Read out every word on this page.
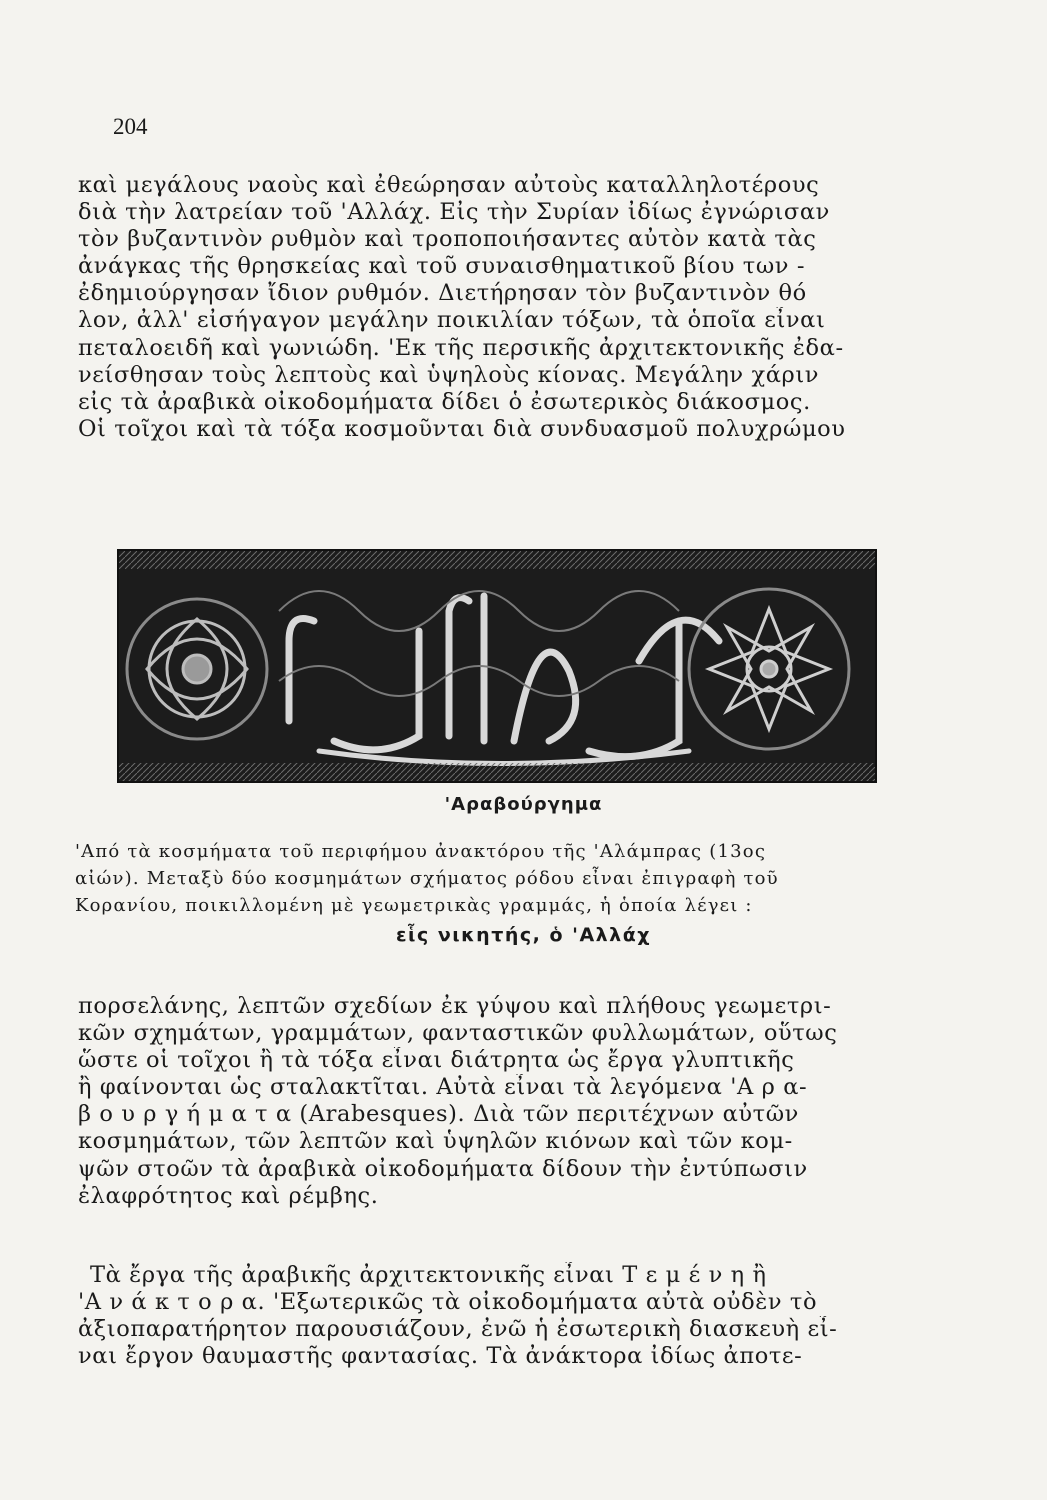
204
καὶ μεγάλους ναοὺς καὶ ἐθεώρησαν αὐτοὺς καταλληλοτέρους
διὰ τὴν λατρείαν τοῦ 'Αλλάχ. Εἰς τὴν Συρίαν ἰδίως ἐγνώρισαν
τὸν βυζαντινὸν ρυθμὸν καὶ τροποποιήσαντες αὐτὸν κατὰ τὰς
ἀνάγκας τῆς θρησκείας καὶ τοῦ συναισθηματικοῦ βίου των -
ἐδημιούργησαν ἴδιον ρυθμόν. Διετήρησαν τὸν βυζαντινὸν θό
λον, ἀλλ' εἰσήγαγον μεγάλην ποικιλίαν τόξων, τὰ ὁποῖα εἶναι
πεταλοειδῆ καὶ γωνιώδη. 'Εκ τῆς περσικῆς ἀρχιτεκτονικῆς ἐδα-
νείσθησαν τοὺς λεπτοὺς καὶ ὑψηλοὺς κίονας. Μεγάλην χάριν
εἰς τὰ ἀραβικὰ οἰκοδομήματα δίδει ὁ ἐσωτερικὸς διάκοσμος.
Οἱ τοῖχοι καὶ τὰ τόξα κοσμοῦνται διὰ συνδυασμοῦ πολυχρώμου
'Αραβούργημα
'Από τὰ κοσμήματα τοῦ περιφήμου ἀνακτόρου τῆς 'Αλάμπρας (13ος
αἰών). Μεταξὺ δύο κοσμημάτων σχήματος ρόδου εἶναι ἐπιγραφὴ τοῦ
Κορανίου, ποικιλλομένη μὲ γεωμετρικὰς γραμμάς, ἡ ὁποία λέγει :
εἷς νικητής, ὁ 'Αλλάχ
πορσελάνης, λεπτῶν σχεδίων ἐκ γύψου καὶ πλήθους γεωμετρι-
κῶν σχημάτων, γραμμάτων, φανταστικῶν φυλλωμάτων, οὕτως
ὥστε οἱ τοῖχοι ἢ τὰ τόξα εἶναι διάτρητα ὡς ἔργα γλυπτικῆς
ἢ φαίνονται ὡς σταλακτῖται. Αὐτὰ εἶναι τὰ λεγόμενα 'Α ρ α-
β ο υ ρ γ ή μ α τ α (Arabesques). Διὰ τῶν περιτέχνων αὐτῶν
κοσμημάτων, τῶν λεπτῶν καὶ ὑψηλῶν κιόνων καὶ τῶν κομ-
ψῶν στοῶν τὰ ἀραβικὰ οἰκοδομήματα δίδουν τὴν ἐντύπωσιν
ἐλαφρότητος καὶ ρέμβης.
Τὰ ἔργα τῆς ἀραβικῆς ἀρχιτεκτονικῆς εἶναι Τ ε μ έ ν η ἢ
'Α ν ά κ τ ο ρ α. 'Εξωτερικῶς τὰ οἰκοδομήματα αὐτὰ οὐδὲν τὸ
ἀξιοπαρατήρητον παρουσιάζουν, ἐνῶ ἡ ἐσωτερικὴ διασκευὴ εἶ-
ναι ἔργον θαυμαστῆς φαντασίας. Τὰ ἀνάκτορα ἰδίως ἀποτε-
